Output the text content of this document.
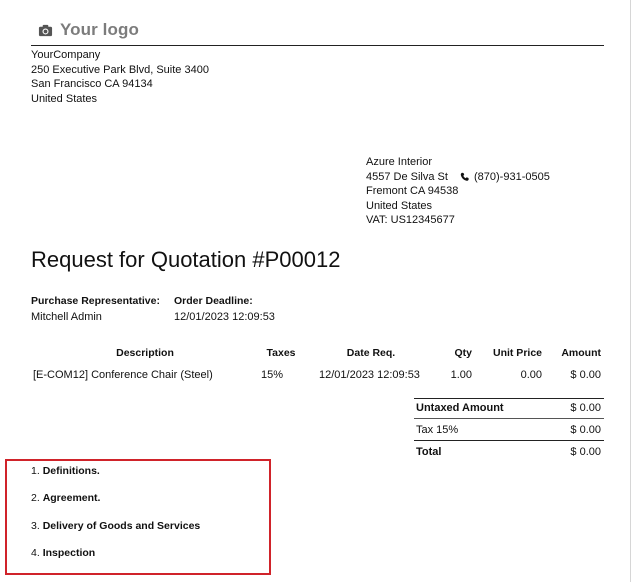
Your logo
YourCompany
250 Executive Park Blvd, Suite 3400
San Francisco CA 94134
United States
Azure Interior
4557 De Silva St
Fremont CA 94538
United States
VAT: US12345677
(870)-931-0505
Request for Quotation #P00012
Purchase Representative:
Mitchell Admin
Order Deadline:
12/01/2023 12:09:53
Description	Taxes	Date Req.	Qty	Unit Price	Amount
[E-COM12] Conference Chair (Steel)	15%	12/01/2023 12:09:53	1.00	0.00	$ 0.00
Untaxed Amount	$ 0.00
Tax 15%	$ 0.00
Total	$ 0.00
1. Definitions.
2. Agreement.
3. Delivery of Goods and Services
4. Inspection
